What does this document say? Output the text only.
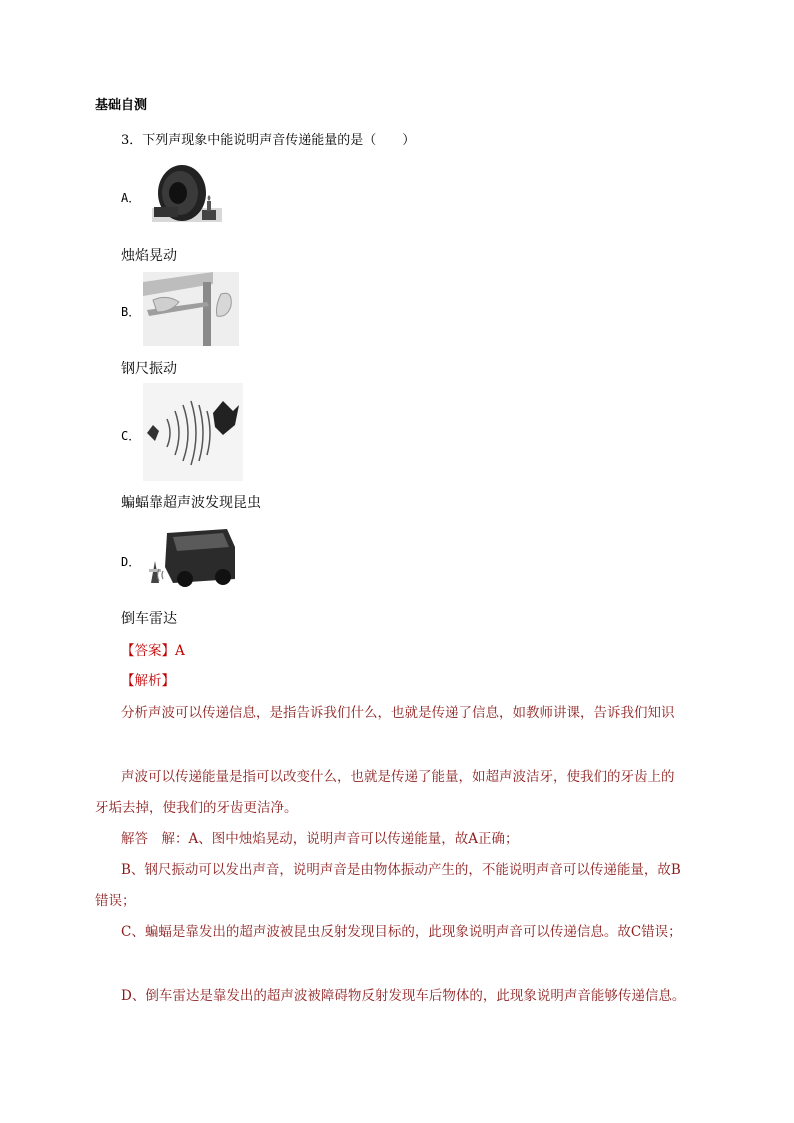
基础自测
3．下列声现象中能说明声音传递能量的是（　　）
A．
烛焰晃动
B．
钢尺振动
C．
蝙蝠靠超声波发现昆虫
D．
倒车雷达
【答案】A
【解析】
分析声波可以传递信息，是指告诉我们什么，也就是传递了信息，如教师讲课，告诉我们知识
声波可以传递能量是指可以改变什么，也就是传递了能量，如超声波洁牙，使我们的牙齿上的
牙垢去掉，使我们的牙齿更洁净。
解答　解：A、图中烛焰晃动，说明声音可以传递能量，故A正确；
B、钢尺振动可以发出声音，说明声音是由物体振动产生的，不能说明声音可以传递能量，故B
错误；
C、蝙蝠是靠发出的超声波被昆虫反射发现目标的，此现象说明声音可以传递信息。故C错误；
D、倒车雷达是靠发出的超声波被障碍物反射发现车后物体的，此现象说明声音能够传递信息。
